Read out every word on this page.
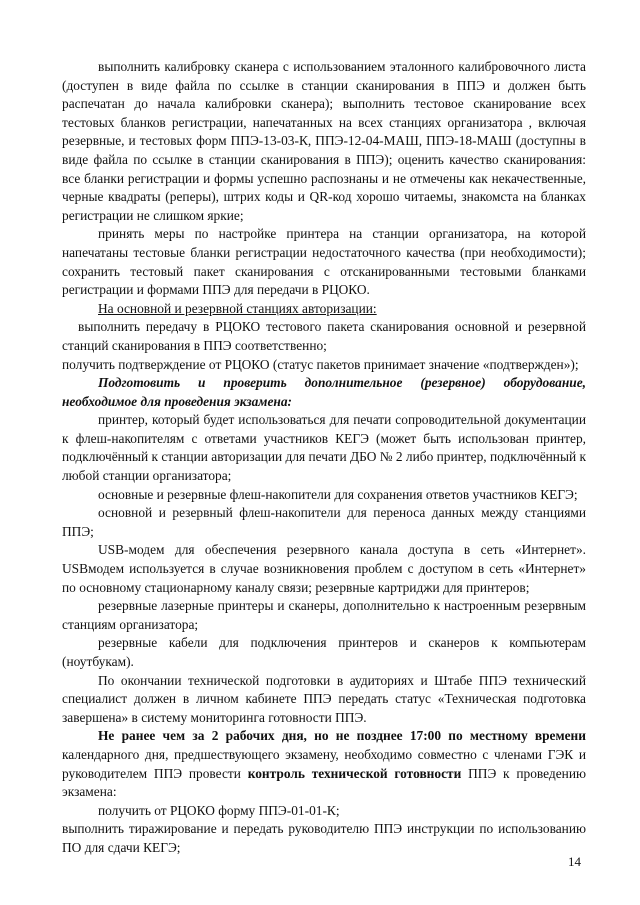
выполнить калибровку сканера с использованием эталонного калибровочного листа (доступен в виде файла по ссылке в станции сканирования в ППЭ и должен быть распечатан до начала калибровки сканера); выполнить тестовое сканирование всех тестовых бланков регистрации, напечатанных на всех станциях организатора , включая резервные, и тестовых форм ППЭ-13-03-К, ППЭ-12-04-МАШ, ППЭ-18-МАШ (доступны в виде файла по ссылке в станции сканирования в ППЭ); оценить качество сканирования: все бланки регистрации и формы успешно распознаны и не отмечены как некачественные, черные квадраты (реперы), штрих коды и QR-код хорошо читаемы, знакомста на бланках регистрации не слишком яркие;

принять меры по настройке принтера на станции организатора, на которой напечатаны тестовые бланки регистрации недостаточного качества (при необходимости); сохранить тестовый пакет сканирования с отсканированными тестовыми бланками регистрации и формами ППЭ для передачи в РЦОКО.

На основной и резервной станциях авторизации:

выполнить передачу в РЦОКО тестового пакета сканирования основной и резервной станций сканирования в ППЭ соответственно;

получить подтверждение от РЦОКО (статус пакетов принимает значение «подтвержден»);

Подготовить и проверить дополнительное (резервное) оборудование, необходимое для проведения экзамена:

принтер, который будет использоваться для печати сопроводительной документации к флеш-накопителям с ответами участников КЕГЭ (может быть использован принтер, подключённый к станции авторизации для печати ДБО № 2 либо принтер, подключённый к любой станции организатора;

основные и резервные флеш-накопители для сохранения ответов участников КЕГЭ;

основной и резервный флеш-накопители для переноса данных между станциями ППЭ;

USB-модем для обеспечения резервного канала доступа в сеть «Интернет». USBмодем используется в случае возникновения проблем с доступом в сеть «Интернет» по основному стационарному каналу связи; резервные картриджи для принтеров;

резервные лазерные принтеры и сканеры, дополнительно к настроенным резервным станциям организатора;

резервные кабели для подключения принтеров и сканеров к компьютерам (ноутбукам).

По окончании технической подготовки в аудиториях и Штабе ППЭ технический специалист должен в личном кабинете ППЭ передать статус «Техническая подготовка завершена» в систему мониторинга готовности ППЭ.

Не ранее чем за 2 рабочих дня, но не позднее 17:00 по местному времени календарного дня, предшествующего экзамену, необходимо совместно с членами ГЭК и руководителем ППЭ провести контроль технической готовности ППЭ к проведению экзамена:

получить от РЦОКО форму ППЭ-01-01-К;

выполнить тиражирование и передать руководителю ППЭ инструкции по использованию ПО для сдачи КЕГЭ;

14
